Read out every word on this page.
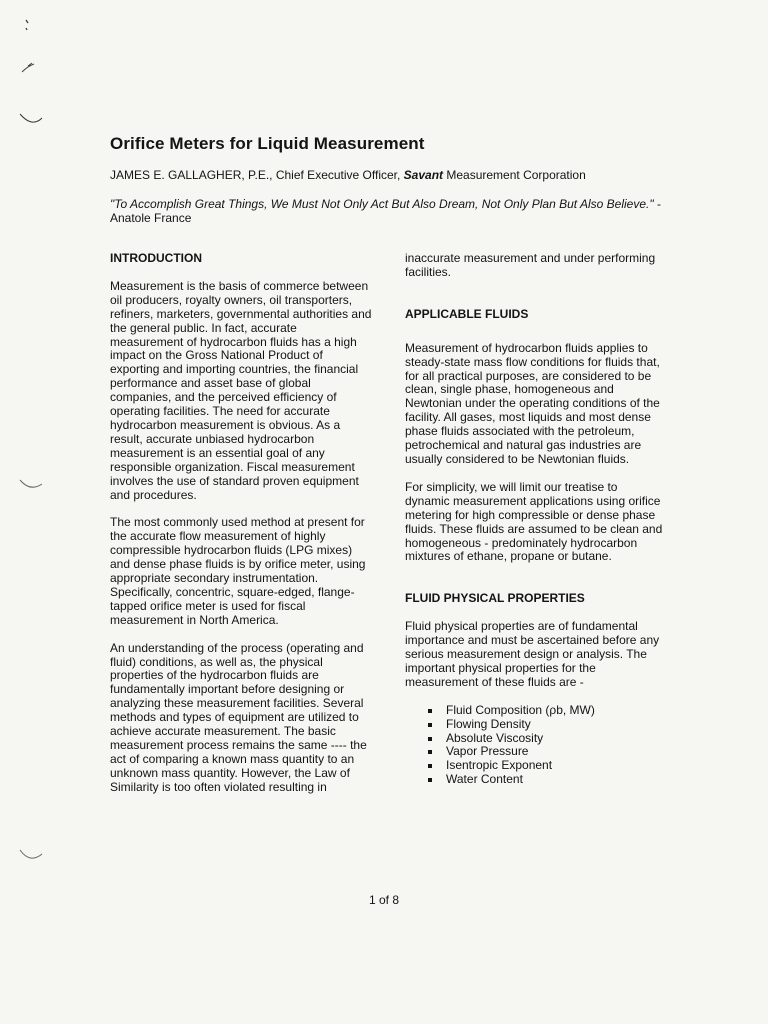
Orifice Meters for Liquid Measurement
JAMES E. GALLAGHER, P.E., Chief Executive Officer, Savant Measurement Corporation
"To Accomplish Great Things, We Must Not Only Act But Also Dream, Not Only Plan But Also Believe." - Anatole France

INTRODUCTION

Measurement is the basis of commerce between oil producers, royalty owners, oil transporters, refiners, marketers, governmental authorities and the general public. In fact, accurate measurement of hydrocarbon fluids has a high impact on the Gross National Product of exporting and importing countries, the financial performance and asset base of global companies, and the perceived efficiency of operating facilities. The need for accurate hydrocarbon measurement is obvious. As a result, accurate unbiased hydrocarbon measurement is an essential goal of any responsible organization. Fiscal measurement involves the use of standard proven equipment and procedures.

The most commonly used method at present for the accurate flow measurement of highly compressible hydrocarbon fluids (LPG mixes) and dense phase fluids is by orifice meter, using appropriate secondary instrumentation. Specifically, concentric, square-edged, flange-tapped orifice meter is used for fiscal measurement in North America.

An understanding of the process (operating and fluid) conditions, as well as, the physical properties of the hydrocarbon fluids are fundamentally important before designing or analyzing these measurement facilities. Several methods and types of equipment are utilized to achieve accurate measurement. The basic measurement process remains the same ---- the act of comparing a known mass quantity to an unknown mass quantity. However, the Law of Similarity is too often violated resulting in

inaccurate measurement and under performing facilities.

APPLICABLE FLUIDS

Measurement of hydrocarbon fluids applies to steady-state mass flow conditions for fluids that, for all practical purposes, are considered to be clean, single phase, homogeneous and Newtonian under the operating conditions of the facility. All gases, most liquids and most dense phase fluids associated with the petroleum, petrochemical and natural gas industries are usually considered to be Newtonian fluids.

For simplicity, we will limit our treatise to dynamic measurement applications using orifice metering for high compressible or dense phase fluids. These fluids are assumed to be clean and homogeneous - predominately hydrocarbon mixtures of ethane, propane or butane.

FLUID PHYSICAL PROPERTIES

Fluid physical properties are of fundamental importance and must be ascertained before any serious measurement design or analysis. The important physical properties for the measurement of these fluids are -

Fluid Composition (ρb, MW)
Flowing Density
Absolute Viscosity
Vapor Pressure
Isentropic Exponent
Water Content
1 of 8
